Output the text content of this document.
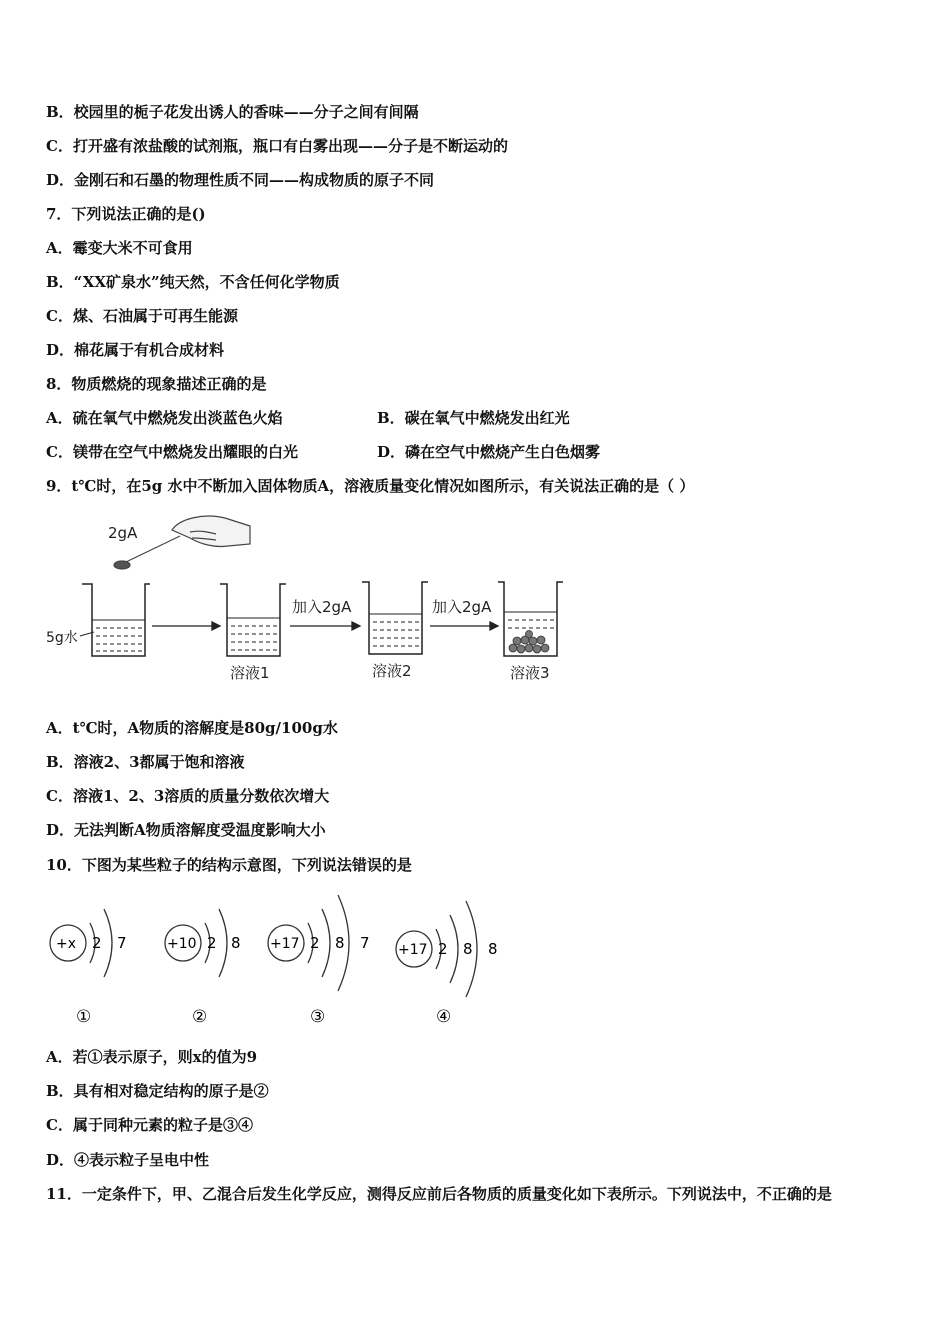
B．校园里的栀子花发出诱人的香味——分子之间有间隔
C．打开盛有浓盐酸的试剂瓶，瓶口有白雾出现——分子是不断运动的
D．金刚石和石墨的物理性质不同——构成物质的原子不同
7．下列说法正确的是()
A．霉变大米不可食用
B．“XX矿泉水”纯天然，不含任何化学物质
C．煤、石油属于可再生能源
D．棉花属于有机合成材料
8．物质燃烧的现象描述正确的是
A．硫在氧气中燃烧发出淡蓝色火焰	B．碳在氧气中燃烧发出红光
C．镁带在空气中燃烧发出耀眼的白光	D．磷在空气中燃烧产生白色烟雾
9．t℃时，在5g 水中不断加入固体物质A，溶液质量变化情况如图所示，有关说法正确的是（ ）
2gA
5g水
溶液1
加入2gA
溶液2
加入2gA
溶液3
A．t℃时，A物质的溶解度是80g/100g水
B．溶液2、3都属于饱和溶液
C．溶液1、2、3溶质的质量分数依次增大
D．无法判断A物质溶解度受温度影响大小
10．下图为某些粒子的结构示意图，下列说法错误的是
+x 2 7
①
+10 2 8
②
+17 2 8 7
③
+17 2 8 8
④
A．若①表示原子，则x的值为9
B．具有相对稳定结构的原子是②
C．属于同种元素的粒子是③④
D．④表示粒子呈电中性
11．一定条件下，甲、乙混合后发生化学反应，测得反应前后各物质的质量变化如下表所示。下列说法中，不正确的是
